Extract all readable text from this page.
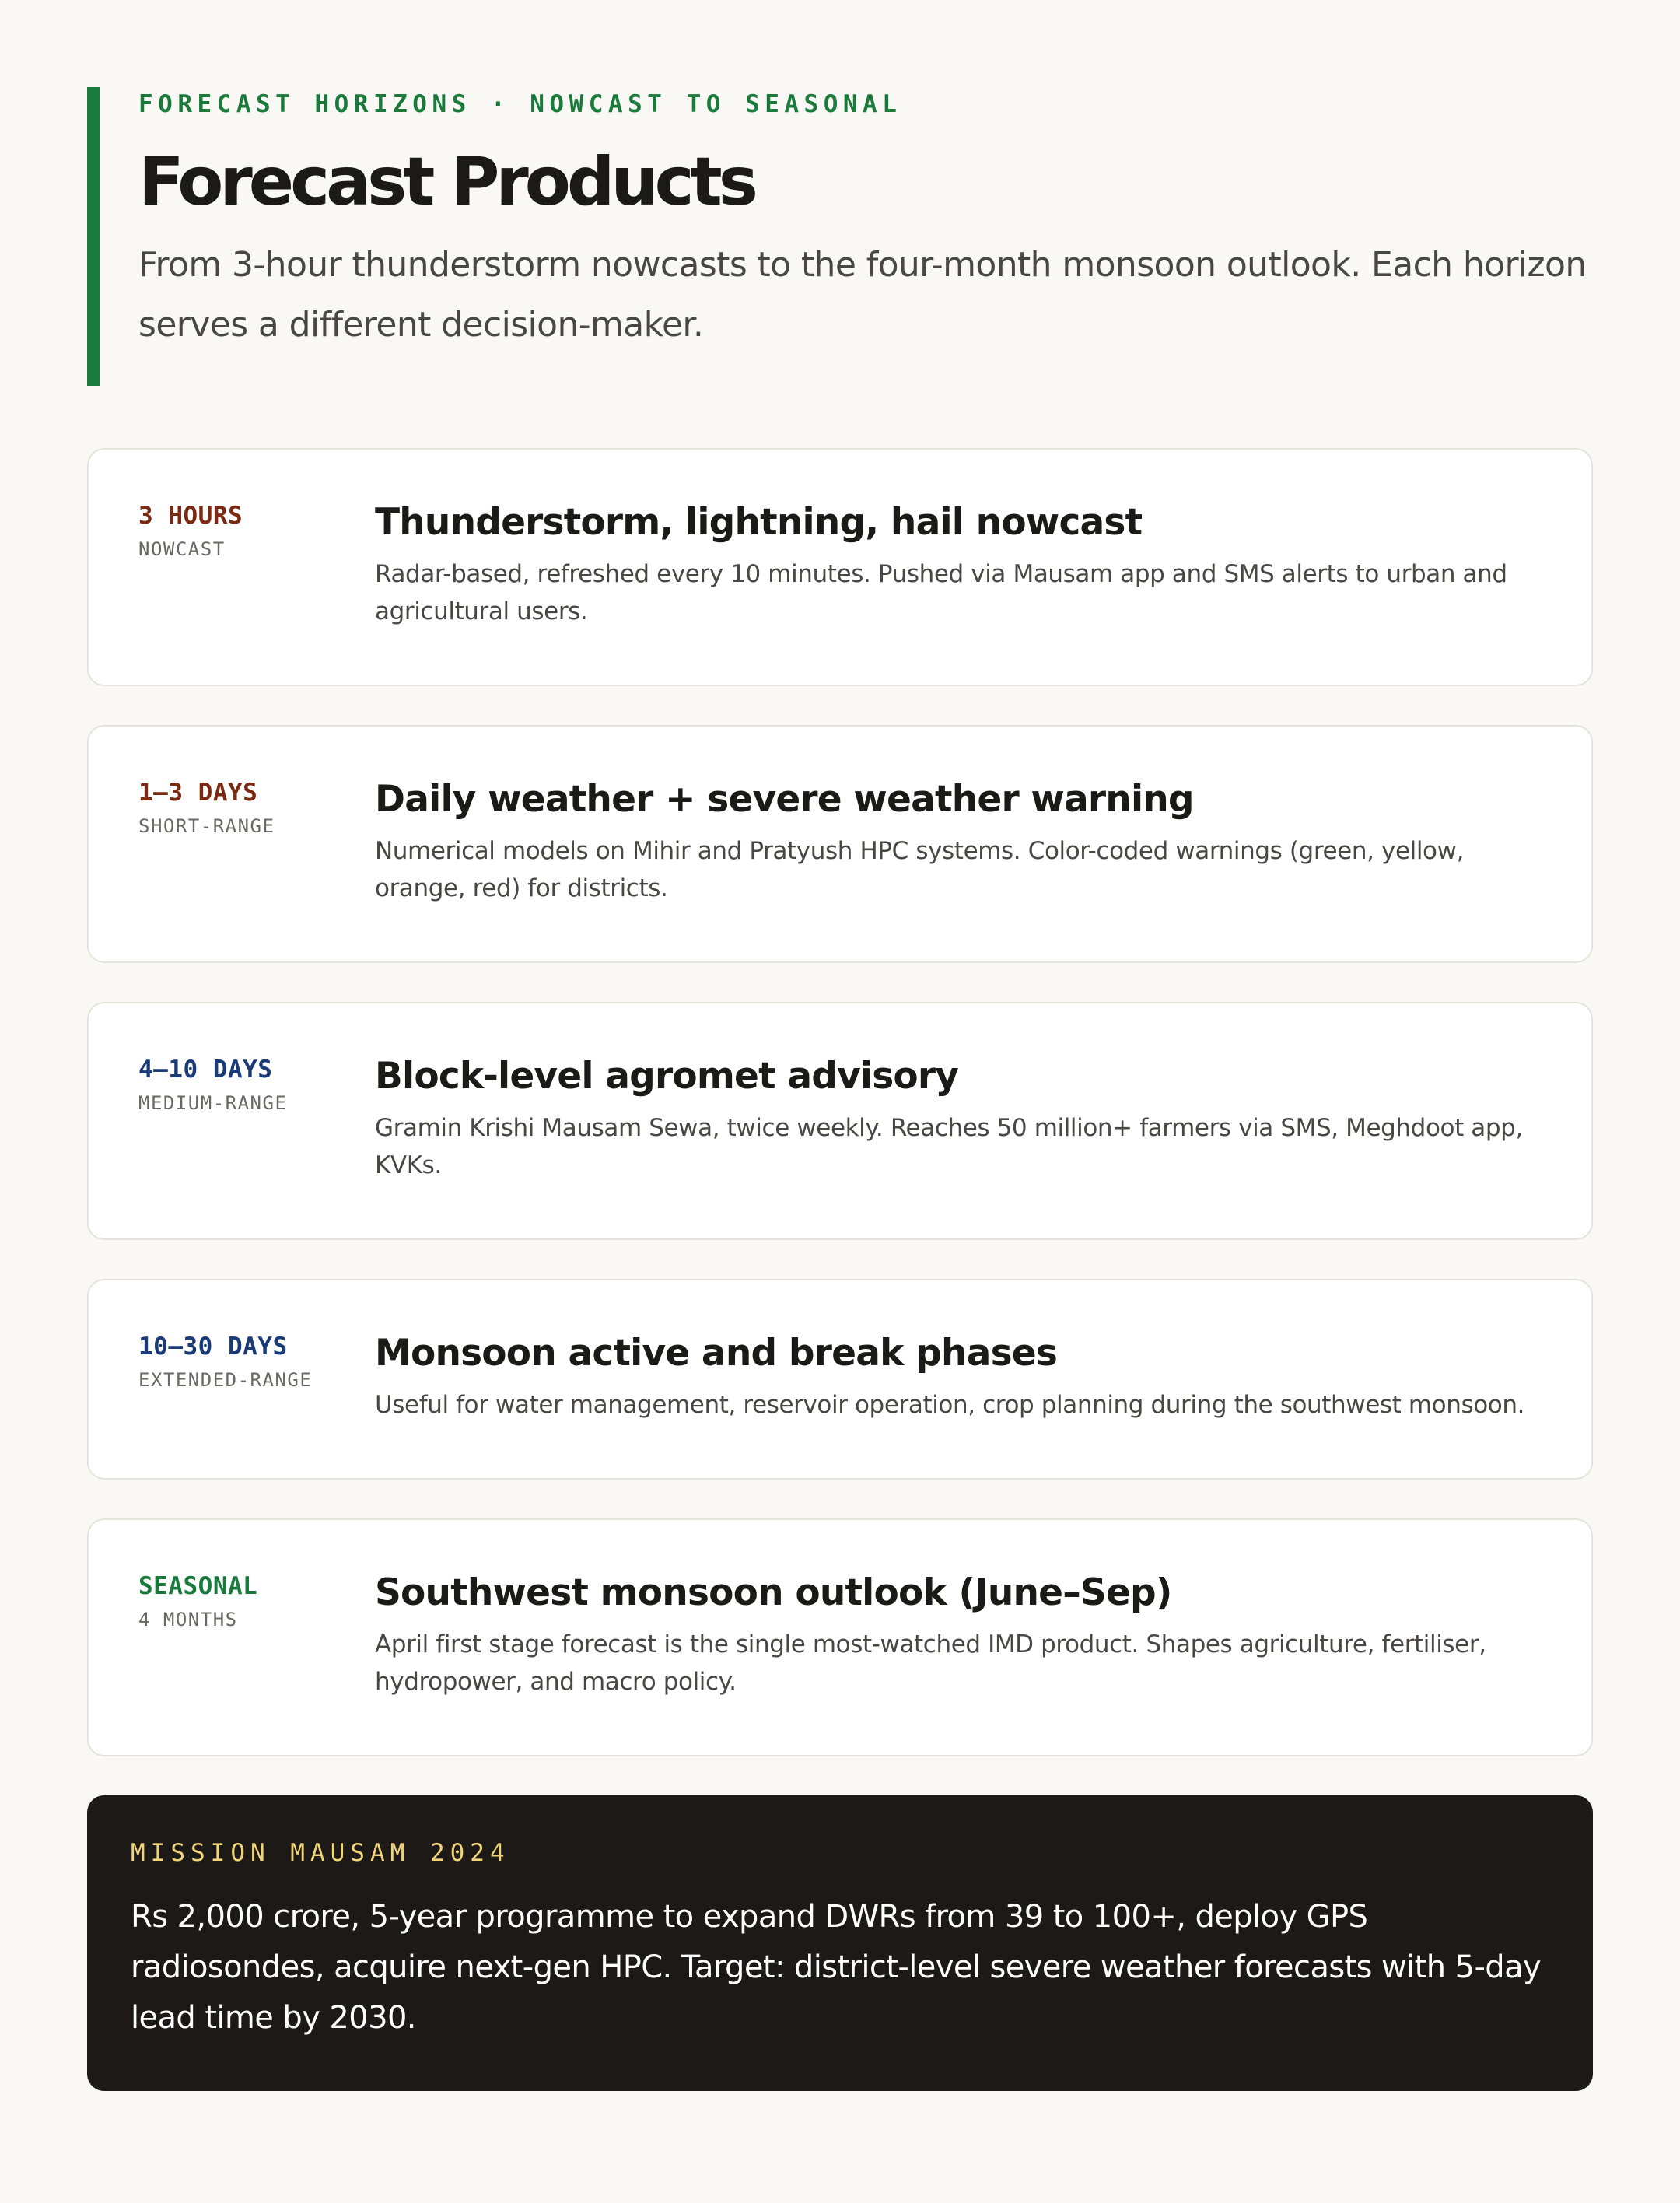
FORECAST HORIZONS · NOWCAST TO SEASONAL

Forecast Products

From 3-hour thunderstorm nowcasts to the four-month monsoon outlook. Each horizon serves a different decision-maker.

3 HOURS
NOWCAST
Thunderstorm, lightning, hail nowcast

Radar-based, refreshed every 10 minutes. Pushed via Mausam app and SMS alerts to urban and agricultural users.

1–3 DAYS
SHORT-RANGE
Daily weather + severe weather warning

Numerical models on Mihir and Pratyush HPC systems. Color-coded warnings (green, yellow, orange, red) for districts.

4–10 DAYS
MEDIUM-RANGE
Block-level agromet advisory

Gramin Krishi Mausam Sewa, twice weekly. Reaches 50 million+ farmers via SMS, Meghdoot app, KVKs.

10–30 DAYS
EXTENDED-RANGE
Monsoon active and break phases

Useful for water management, reservoir operation, crop planning during the southwest monsoon.

SEASONAL
4 MONTHS
Southwest monsoon outlook (June–Sep)

April first stage forecast is the single most-watched IMD product. Shapes agriculture, fertiliser, hydropower, and macro policy.

MISSION MAUSAM 2024

Rs 2,000 crore, 5-year programme to expand DWRs from 39 to 100+, deploy GPS radiosondes, acquire next-gen HPC. Target: district-level severe weather forecasts with 5-day lead time by 2030.
